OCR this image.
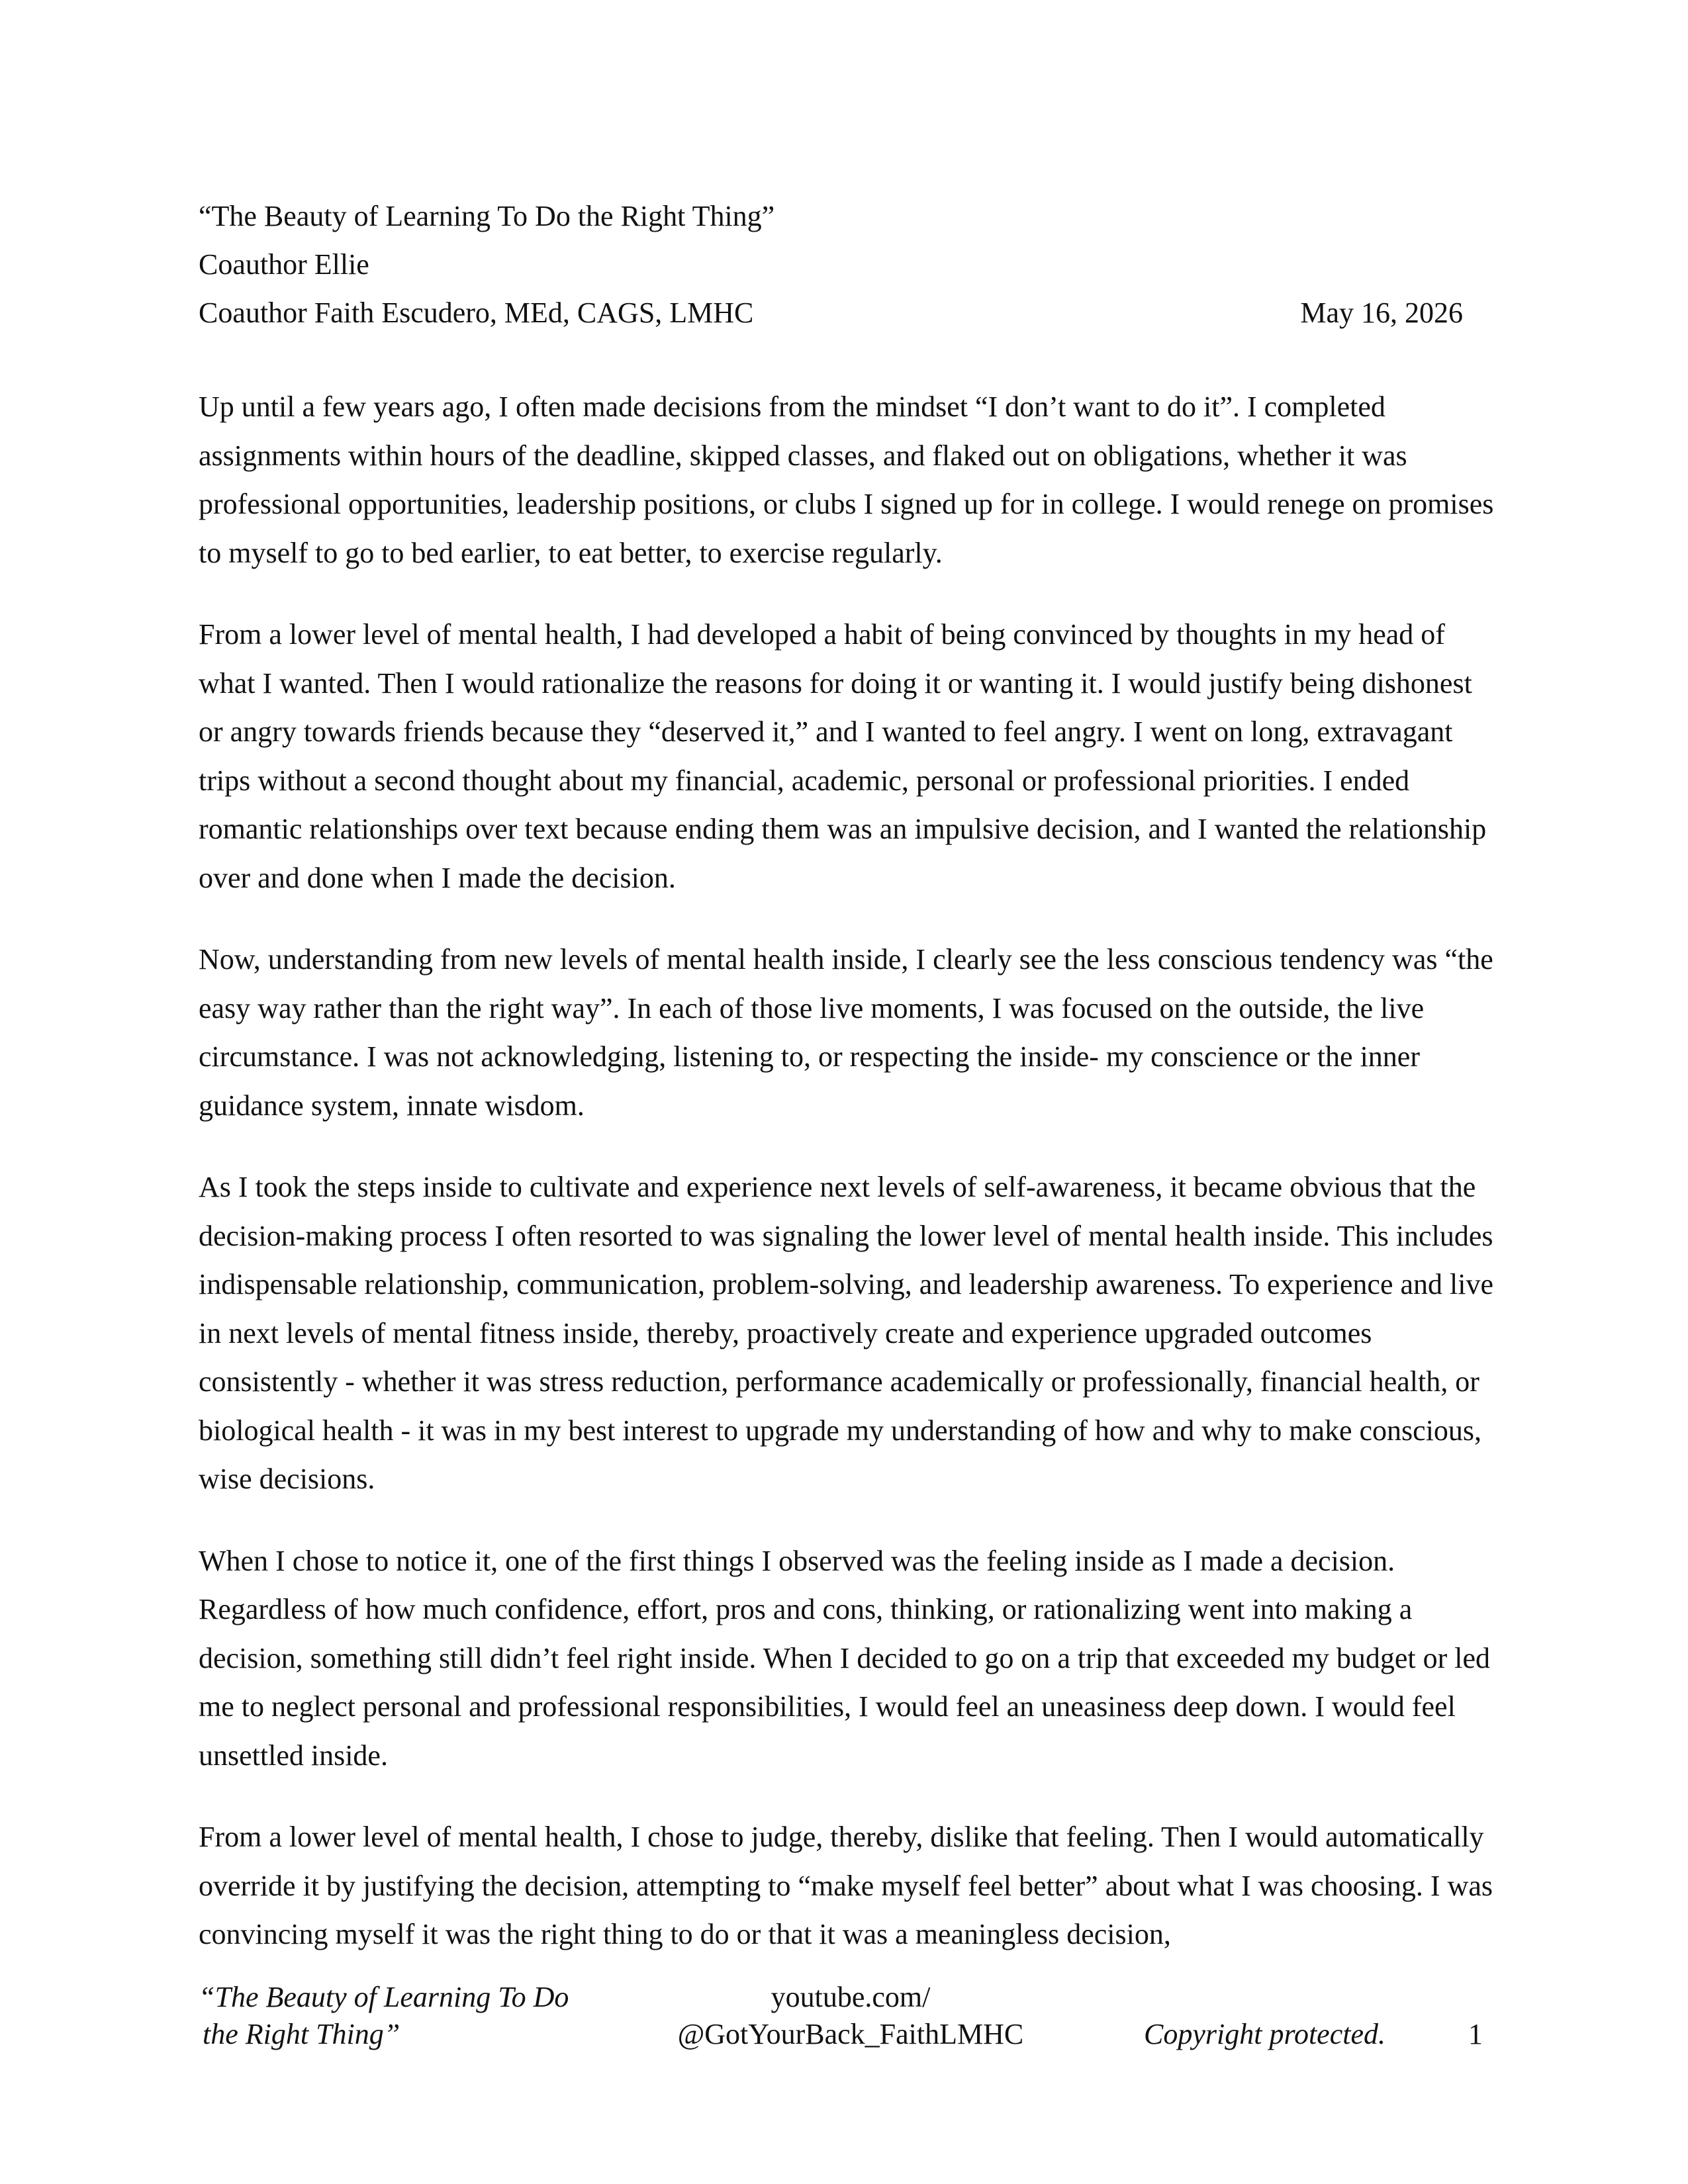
“The Beauty of Learning To Do the Right Thing”
Coauthor Ellie
Coauthor Faith Escudero, MEd, CAGS, LMHC	May 16, 2026

Up until a few years ago, I often made decisions from the mindset “I don’t want to do it”. I completed assignments within hours of the deadline, skipped classes, and flaked out on obligations, whether it was professional opportunities, leadership positions, or clubs I signed up for in college. I would renege on promises to myself to go to bed earlier, to eat better, to exercise regularly.

From a lower level of mental health, I had developed a habit of being convinced by thoughts in my head of what I wanted. Then I would rationalize the reasons for doing it or wanting it. I would justify being dishonest or angry towards friends because they “deserved it,” and I wanted to feel angry. I went on long, extravagant trips without a second thought about my financial, academic, personal or professional priorities. I ended romantic relationships over text because ending them was an impulsive decision, and I wanted the relationship over and done when I made the decision.

Now, understanding from new levels of mental health inside, I clearly see the less conscious tendency was “the easy way rather than the right way”. In each of those live moments, I was focused on the outside, the live circumstance. I was not acknowledging, listening to, or respecting the inside- my conscience or the inner guidance system, innate wisdom.

As I took the steps inside to cultivate and experience next levels of self-awareness, it became obvious that the decision-making process I often resorted to was signaling the lower level of mental health inside. This includes indispensable relationship, communication, problem-solving, and leadership awareness. To experience and live in next levels of mental fitness inside, thereby, proactively create and experience upgraded outcomes consistently - whether it was stress reduction, performance academically or professionally, financial health, or biological health - it was in my best interest to upgrade my understanding of how and why to make conscious, wise decisions.

When I chose to notice it, one of the first things I observed was the feeling inside as I made a decision. Regardless of how much confidence, effort, pros and cons, thinking, or rationalizing went into making a decision, something still didn’t feel right inside. When I decided to go on a trip that exceeded my budget or led me to neglect personal and professional responsibilities, I would feel an uneasiness deep down. I would feel unsettled inside.

From a lower level of mental health, I chose to judge, thereby, dislike that feeling. Then I would automatically override it by justifying the decision, attempting to “make myself feel better” about what I was choosing. I was convincing myself it was the right thing to do or that it was a meaningless decision,

“The Beauty of Learning To Do
the Right Thing”
youtube.com/
@GotYourBack_FaithLMHC	Copyright protected.	1
